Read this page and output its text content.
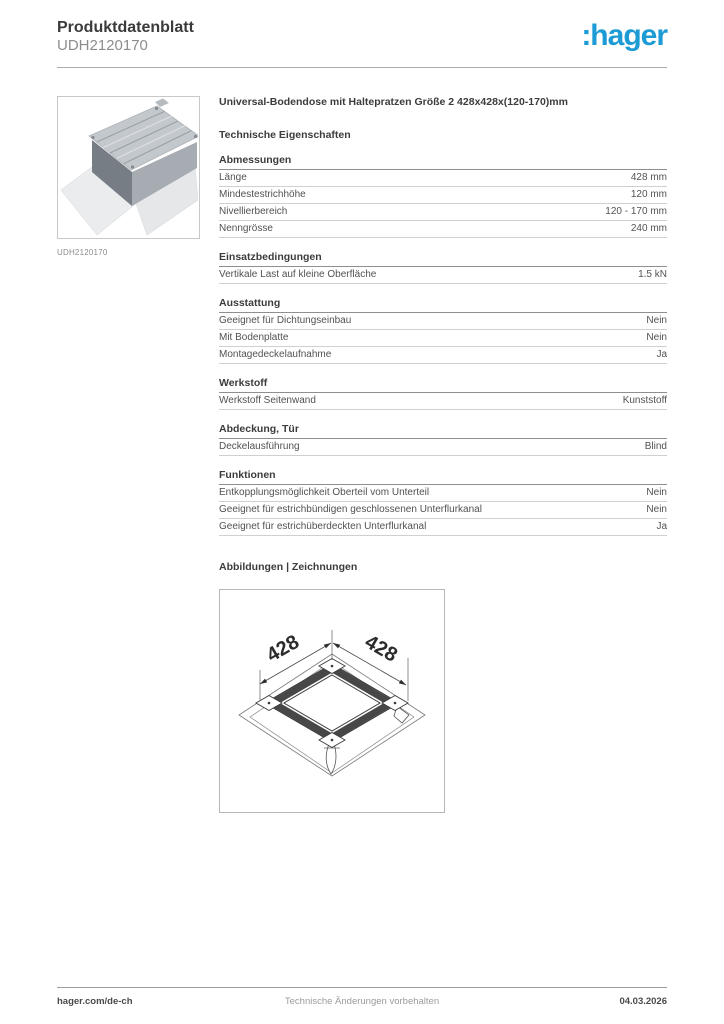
Produktdatenblatt
UDH2120170	:hager
UDH2120170
Universal-Bodendose mit Haltepratzen Größe 2 428x428x(120-170)mm
Technische Eigenschaften
Abmessungen
Länge	428 mm
Mindestestrichhöhe	120 mm
Nivellierbereich	120 - 170 mm
Nenngrösse	240 mm
Einsatzbedingungen
Vertikale Last auf kleine Oberfläche	1.5 kN
Ausstattung
Geeignet für Dichtungseinbau	Nein
Mit Bodenplatte	Nein
Montagedeckelaufnahme	Ja
Werkstoff
Werkstoff Seitenwand	Kunststoff
Abdeckung, Tür
Deckelausführung	Blind
Funktionen
Entkopplungsmöglichkeit Oberteil vom Unterteil	Nein
Geeignet für estrichbündigen geschlossenen Unterflurkanal	Nein
Geeignet für estrichüberdeckten Unterflurkanal	Ja
Abbildungen | Zeichnungen
428	428
hager.com/de-ch	Technische Änderungen vorbehalten	04.03.2026
